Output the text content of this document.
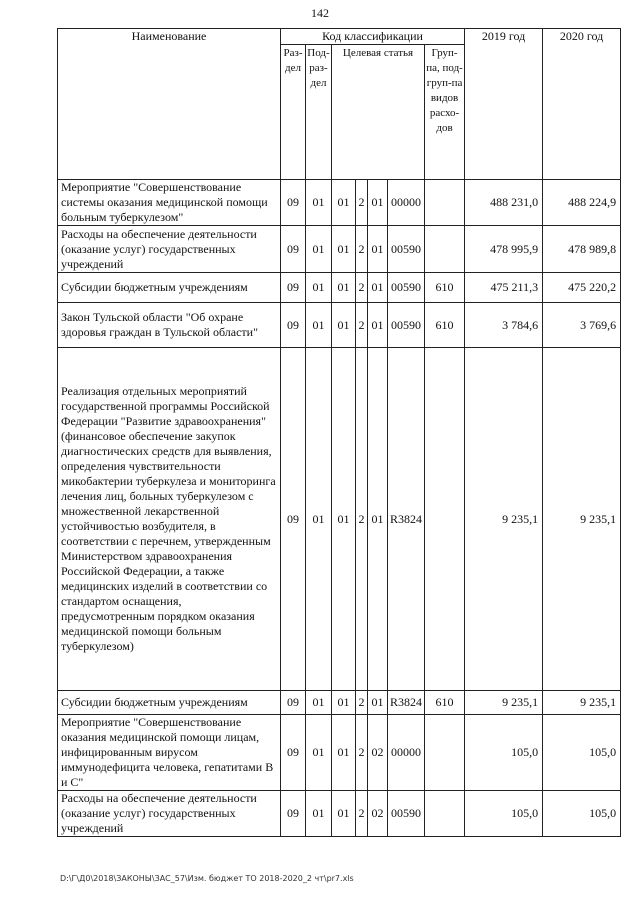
142
Наименование	Код классификации							2019 год	2020 год
	Раз-дел	Под-раз-дел	Целевая статья				Груп-па, под-груп-па видов расхо-дов		
Мероприятие "Совершенствование системы оказания медицинской помощи больным туберкулезом"	09	01	01	2	01	00000		488 231,0	488 224,9
Расходы на обеспечение деятельности (оказание услуг) государственных учреждений	09	01	01	2	01	00590		478 995,9	478 989,8
Субсидии бюджетным учреждениям	09	01	01	2	01	00590	610	475 211,3	475 220,2
Закон Тульской области "Об охране здоровья граждан в Тульской области"	09	01	01	2	01	00590	610	3 784,6	3 769,6
Реализация отдельных мероприятий государственной программы Российской Федерации "Развитие здравоохранения" (финансовое обеспечение закупок диагностических средств для выявления, определения чувствительности микобактерии туберкулеза и мониторинга лечения лиц, больных туберкулезом с множественной лекарственной устойчивостью возбудителя, в соответствии с перечнем, утвержденным Министерством здравоохранения Российской Федерации, а также медицинских изделий в соответствии со стандартом оснащения, предусмотренным порядком оказания медицинской помощи больным туберкулезом)	09	01	01	2	01	R3824		9 235,1	9 235,1
Субсидии бюджетным учреждениям	09	01	01	2	01	R3824	610	9 235,1	9 235,1
Мероприятие "Совершенствование оказания медицинской помощи лицам, инфицированным вирусом иммунодефицита человека, гепатитами В и С"	09	01	01	2	02	00000		105,0	105,0
Расходы на обеспечение деятельности (оказание услуг) государственных учреждений	09	01	01	2	02	00590		105,0	105,0
D:\Г\Д0\2018\ЗАКОНЫ\ЗАС_57\Изм. бюджет ТО 2018-2020_2 чт\pr7.xls
